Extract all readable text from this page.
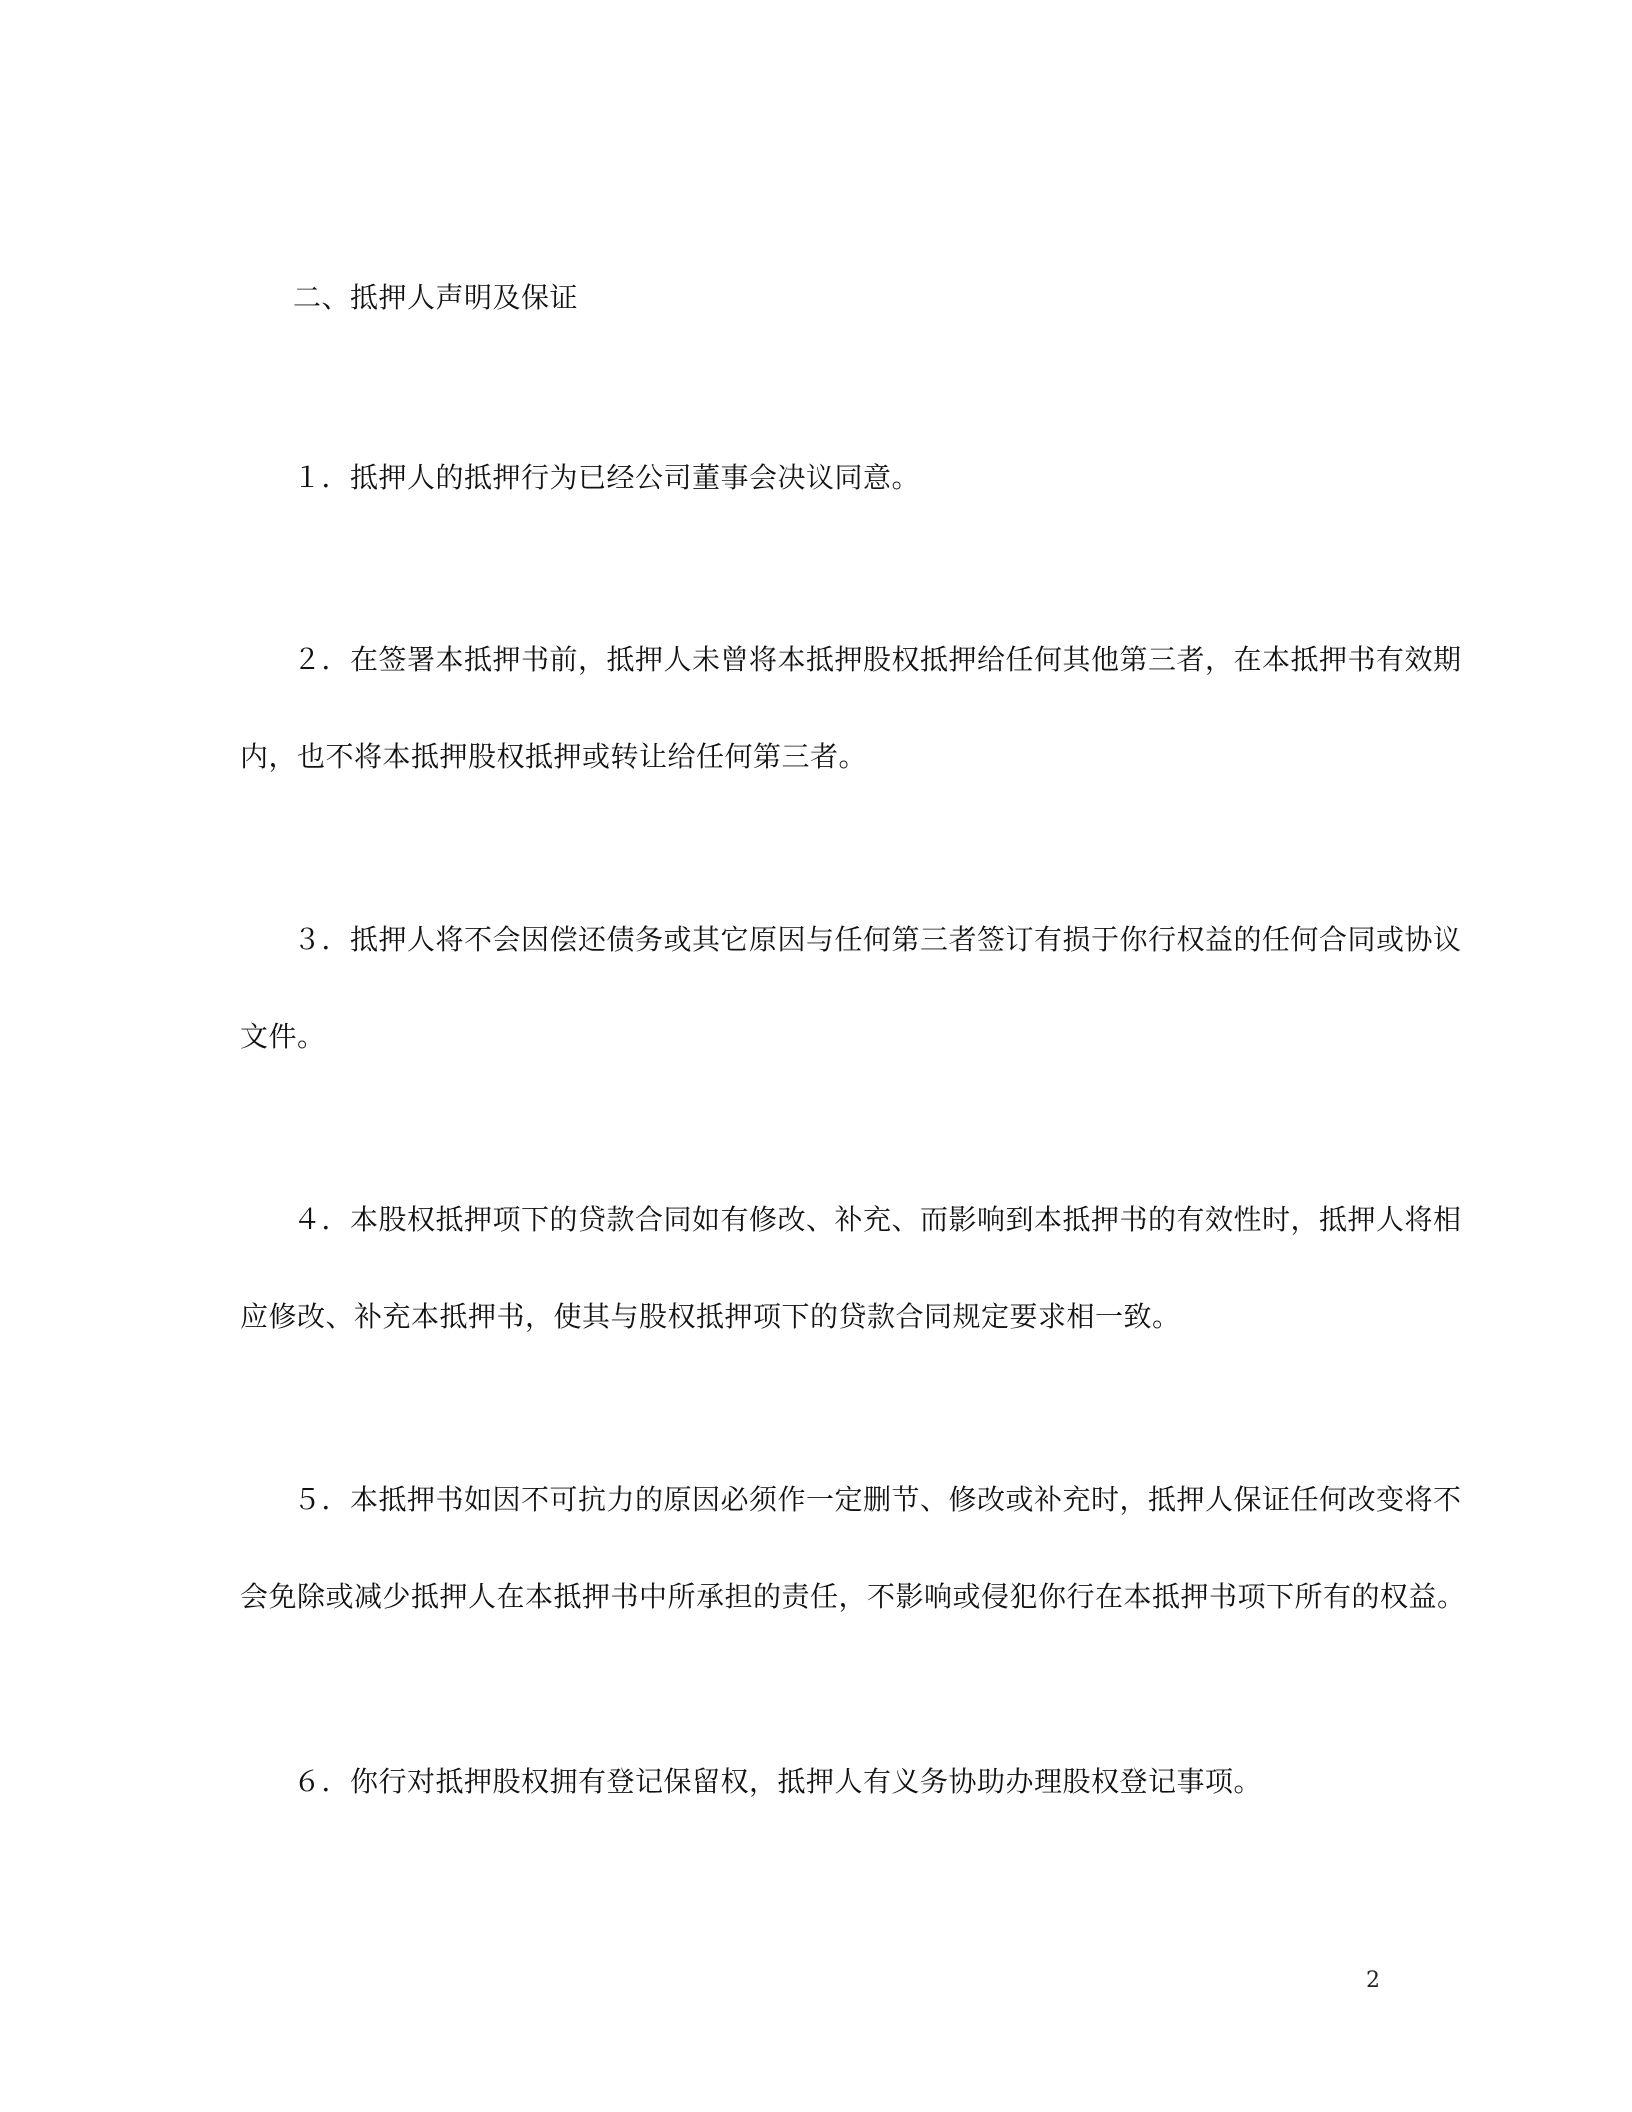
二、抵押人声明及保证
１．抵押人的抵押行为已经公司董事会决议同意。
２．在签署本抵押书前，抵押人未曾将本抵押股权抵押给任何其他第三者，在本抵押书有效期
内，也不将本抵押股权抵押或转让给任何第三者。
３．抵押人将不会因偿还债务或其它原因与任何第三者签订有损于你行权益的任何合同或协议
文件。
４．本股权抵押项下的贷款合同如有修改、补充、而影响到本抵押书的有效性时，抵押人将相
应修改、补充本抵押书，使其与股权抵押项下的贷款合同规定要求相一致。
５．本抵押书如因不可抗力的原因必须作一定删节、修改或补充时，抵押人保证任何改变将不
会免除或减少抵押人在本抵押书中所承担的责任，不影响或侵犯你行在本抵押书项下所有的权益。
６．你行对抵押股权拥有登记保留权，抵押人有义务协助办理股权登记事项。
2
